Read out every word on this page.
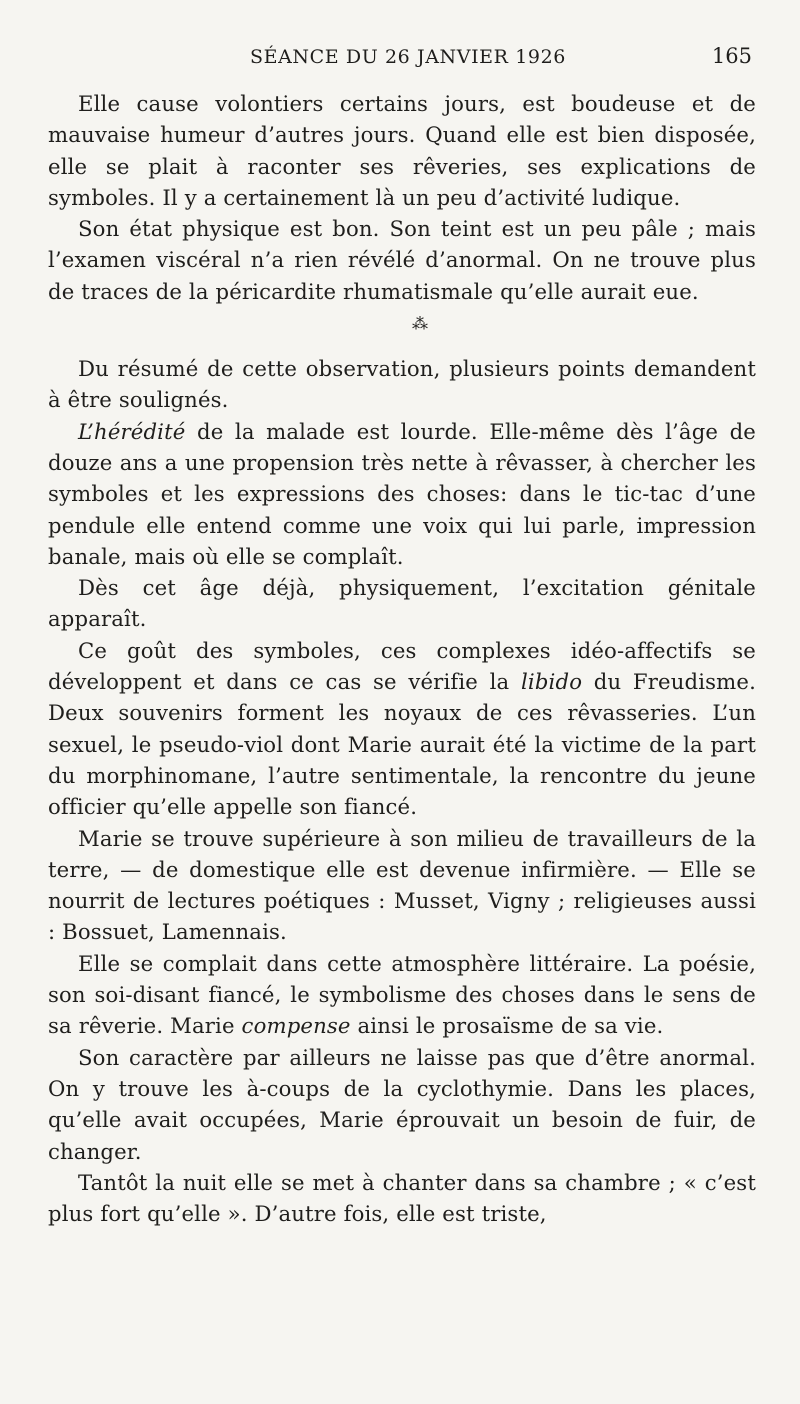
SÉANCE DU 26 JANVIER 1926	165

Elle cause volontiers certains jours, est boudeuse et de mauvaise humeur d’autres jours. Quand elle est bien disposée, elle se plait à raconter ses rêveries, ses explications de symboles. Il y a certainement là un peu d’activité ludique.

Son état physique est bon. Son teint est un peu pâle ; mais l’examen viscéral n’a rien révélé d’anormal. On ne trouve plus de traces de la péricardite rhumatismale qu’elle aurait eue.

⁂

Du résumé de cette observation, plusieurs points demandent à être soulignés.

L’hérédité de la malade est lourde. Elle-même dès l’âge de douze ans a une propension très nette à rêvasser, à chercher les symboles et les expressions des choses: dans le tic-tac d’une pendule elle entend comme une voix qui lui parle, impression banale, mais où elle se complaît.

Dès cet âge déjà, physiquement, l’excitation génitale apparaît.

Ce goût des symboles, ces complexes idéo-affectifs se développent et dans ce cas se vérifie la libido du Freudisme. Deux souvenirs forment les noyaux de ces rêvasseries. L’un sexuel, le pseudo-viol dont Marie aurait été la victime de la part du morphinomane, l’autre sentimentale, la rencontre du jeune officier qu’elle appelle son fiancé.

Marie se trouve supérieure à son milieu de travailleurs de la terre, — de domestique elle est devenue infirmière. — Elle se nourrit de lectures poétiques : Musset, Vigny ; religieuses aussi : Bossuet, Lamennais.

Elle se complait dans cette atmosphère littéraire. La poésie, son soi-disant fiancé, le symbolisme des choses dans le sens de sa rêverie. Marie compense ainsi le prosaïsme de sa vie.

Son caractère par ailleurs ne laisse pas que d’être anormal. On y trouve les à-coups de la cyclothymie. Dans les places, qu’elle avait occupées, Marie éprouvait un besoin de fuir, de changer.

Tantôt la nuit elle se met à chanter dans sa chambre ; « c’est plus fort qu’elle ». D’autre fois, elle est triste,
